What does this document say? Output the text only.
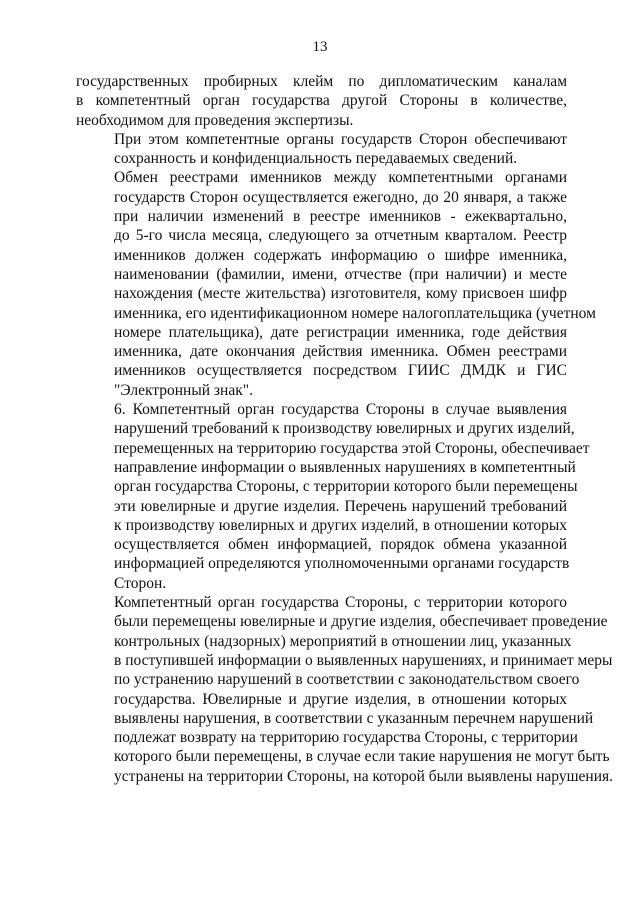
13

государственных пробирных клейм по дипломатическим каналам
в компетентный орган государства другой Стороны в количестве,
необходимом для проведения экспертизы.

При этом компетентные органы государств Сторон обеспечивают
сохранность и конфиденциальность передаваемых сведений.

Обмен реестрами именников между компетентными органами
государств Сторон осуществляется ежегодно, до 20 января, а также
при наличии изменений в реестре именников - ежеквартально,
до 5-го числа месяца, следующего за отчетным кварталом. Реестр
именников должен содержать информацию о шифре именника,
наименовании (фамилии, имени, отчестве (при наличии) и месте
нахождения (месте жительства) изготовителя, кому присвоен шифр
именника, его идентификационном номере налогоплательщика (учетном
номере плательщика), дате регистрации именника, годе действия
именника, дате окончания действия именника. Обмен реестрами
именников осуществляется посредством ГИИС ДМДК и ГИС
"Электронный знак".

6. Компетентный орган государства Стороны в случае выявления
нарушений требований к производству ювелирных и других изделий,
перемещенных на территорию государства этой Стороны, обеспечивает
направление информации о выявленных нарушениях в компетентный
орган государства Стороны, с территории которого были перемещены
эти ювелирные и другие изделия. Перечень нарушений требований
к производству ювелирных и других изделий, в отношении которых
осуществляется обмен информацией, порядок обмена указанной
информацией определяются уполномоченными органами государств
Сторон.

Компетентный орган государства Стороны, с территории которого
были перемещены ювелирные и другие изделия, обеспечивает проведение
контрольных (надзорных) мероприятий в отношении лиц, указанных
в поступившей информации о выявленных нарушениях, и принимает меры
по устранению нарушений в соответствии с законодательством своего
государства. Ювелирные и другие изделия, в отношении которых
выявлены нарушения, в соответствии с указанным перечнем нарушений
подлежат возврату на территорию государства Стороны, с территории
которого были перемещены, в случае если такие нарушения не могут быть
устранены на территории Стороны, на которой были выявлены нарушения.
